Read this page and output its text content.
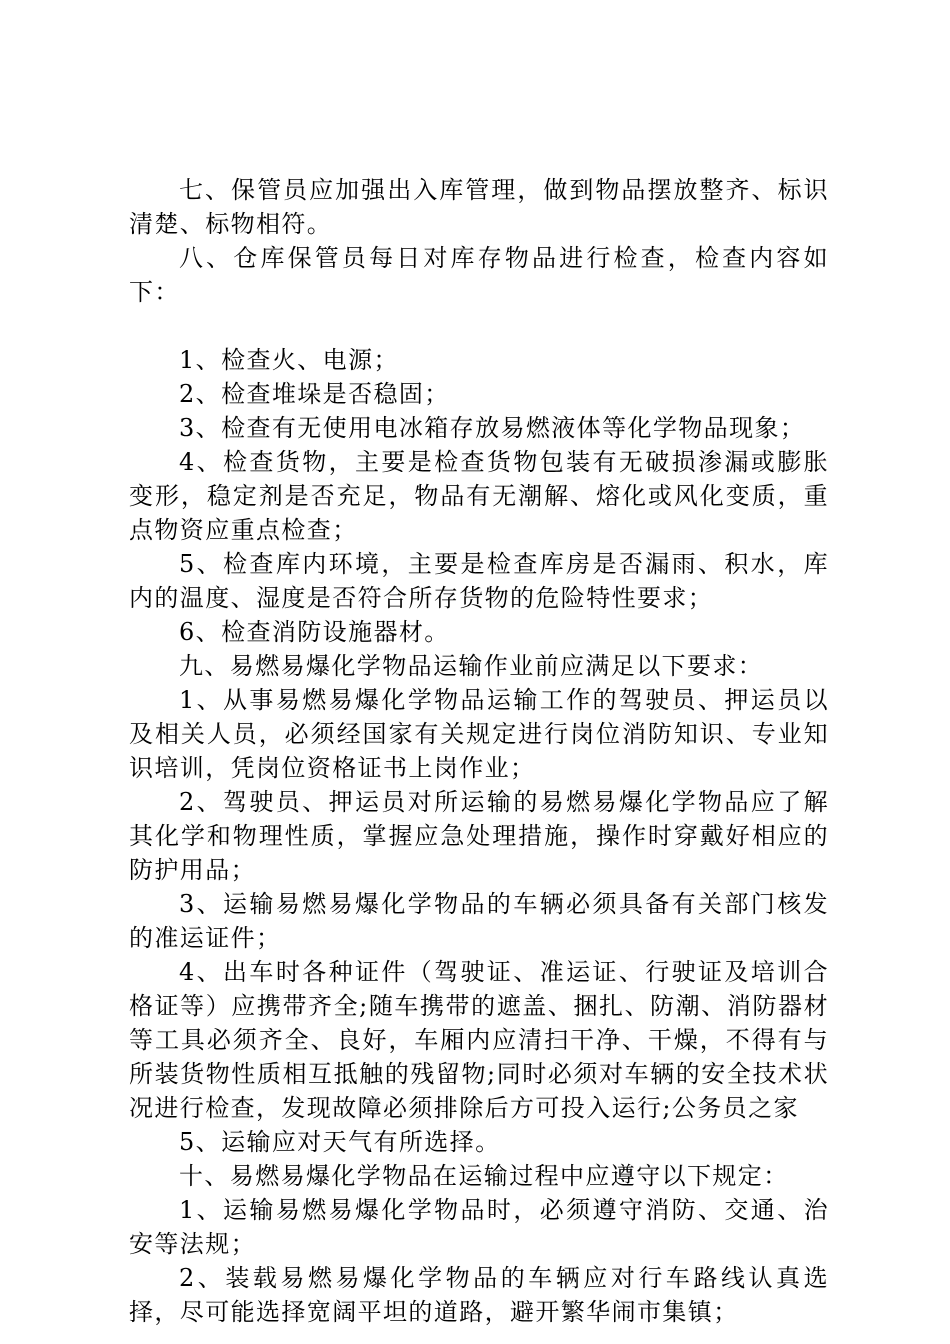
七、保管员应加强出入库管理，做到物品摆放整齐、标识清楚、标物相符。

八、仓库保管员每日对库存物品进行检查，检查内容如下：

1、检查火、电源；

2、检查堆垛是否稳固；

3、检查有无使用电冰箱存放易燃液体等化学物品现象；

4、检查货物，主要是检查货物包装有无破损渗漏或膨胀变形，稳定剂是否充足，物品有无潮解、熔化或风化变质，重点物资应重点检查；

5、检查库内环境，主要是检查库房是否漏雨、积水，库内的温度、湿度是否符合所存货物的危险特性要求；

6、检查消防设施器材。

九、易燃易爆化学物品运输作业前应满足以下要求：

1、从事易燃易爆化学物品运输工作的驾驶员、押运员以及相关人员，必须经国家有关规定进行岗位消防知识、专业知识培训，凭岗位资格证书上岗作业；

2、驾驶员、押运员对所运输的易燃易爆化学物品应了解其化学和物理性质，掌握应急处理措施，操作时穿戴好相应的防护用品；

3、运输易燃易爆化学物品的车辆必须具备有关部门核发的准运证件；

4、出车时各种证件（驾驶证、准运证、行驶证及培训合格证等）应携带齐全;随车携带的遮盖、捆扎、防潮、消防器材等工具必须齐全、良好，车厢内应清扫干净、干燥，不得有与所装货物性质相互抵触的残留物;同时必须对车辆的安全技术状况进行检查，发现故障必须排除后方可投入运行;公务员之家

5、运输应对天气有所选择。

十、易燃易爆化学物品在运输过程中应遵守以下规定：

1、运输易燃易爆化学物品时，必须遵守消防、交通、治安等法规；

2、装载易燃易爆化学物品的车辆应对行车路线认真选择，尽可能选择宽阔平坦的道路，避开繁华闹市集镇；
